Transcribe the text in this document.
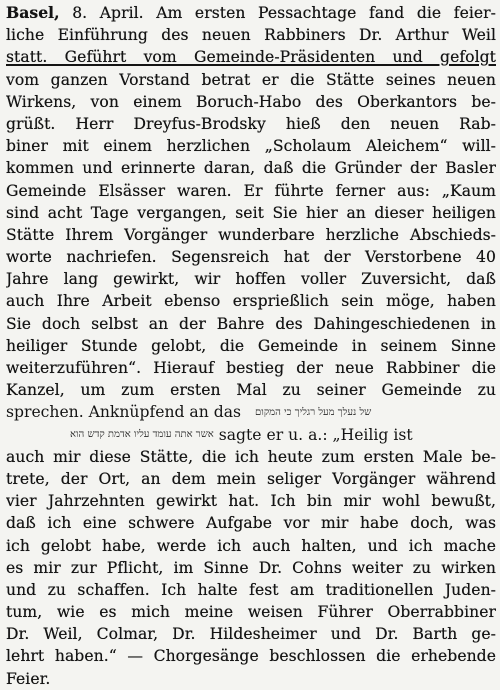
Basel, 8. April. Am ersten Pessachtage fand die feier-
liche Einführung des neuen Rabbiners Dr. Arthur Weil
statt. Geführt vom Gemeinde-Präsidenten und gefolgt
vom ganzen Vorstand betrat er die Stätte seines neuen
Wirkens, von einem Boruch-Habo des Oberkantors be-
grüßt. Herr Dreyfus-Brodsky hieß den neuen Rab-
biner mit einem herzlichen „Scholaum Aleichem“ will-
kommen und erinnerte daran, daß die Gründer der Basler
Gemeinde Elsässer waren. Er führte ferner aus: „Kaum
sind acht Tage vergangen, seit Sie hier an dieser heiligen
Stätte Ihrem Vorgänger wunderbare herzliche Abschieds-
worte nachriefen. Segensreich hat der Verstorbene 40
Jahre lang gewirkt, wir hoffen voller Zuversicht, daß
auch Ihre Arbeit ebenso ersprießlich sein möge, haben
Sie doch selbst an der Bahre des Dahingeschiedenen in
heiliger Stunde gelobt, die Gemeinde in seinem Sinne
weiterzuführen“. Hierauf bestieg der neue Rabbiner die
Kanzel, um zum ersten Mal zu seiner Gemeinde zu
sprechen. Anknüpfend an das של נעלך מעל רגליך כי המקום
אשר אתה עומד עליו אדמת קדש הוא sagte er u. a.: „Heilig ist
auch mir diese Stätte, die ich heute zum ersten Male be-
trete, der Ort, an dem mein seliger Vorgänger während
vier Jahrzehnten gewirkt hat. Ich bin mir wohl bewußt,
daß ich eine schwere Aufgabe vor mir habe doch, was
ich gelobt habe, werde ich auch halten, und ich mache
es mir zur Pflicht, im Sinne Dr. Cohns weiter zu wirken
und zu schaffen. Ich halte fest am traditionellen Juden-
tum, wie es mich meine weisen Führer Oberrabbiner
Dr. Weil, Colmar, Dr. Hildesheimer und Dr. Barth ge-
lehrt haben.“ — Chorgesänge beschlossen die erhebende
Feier.
